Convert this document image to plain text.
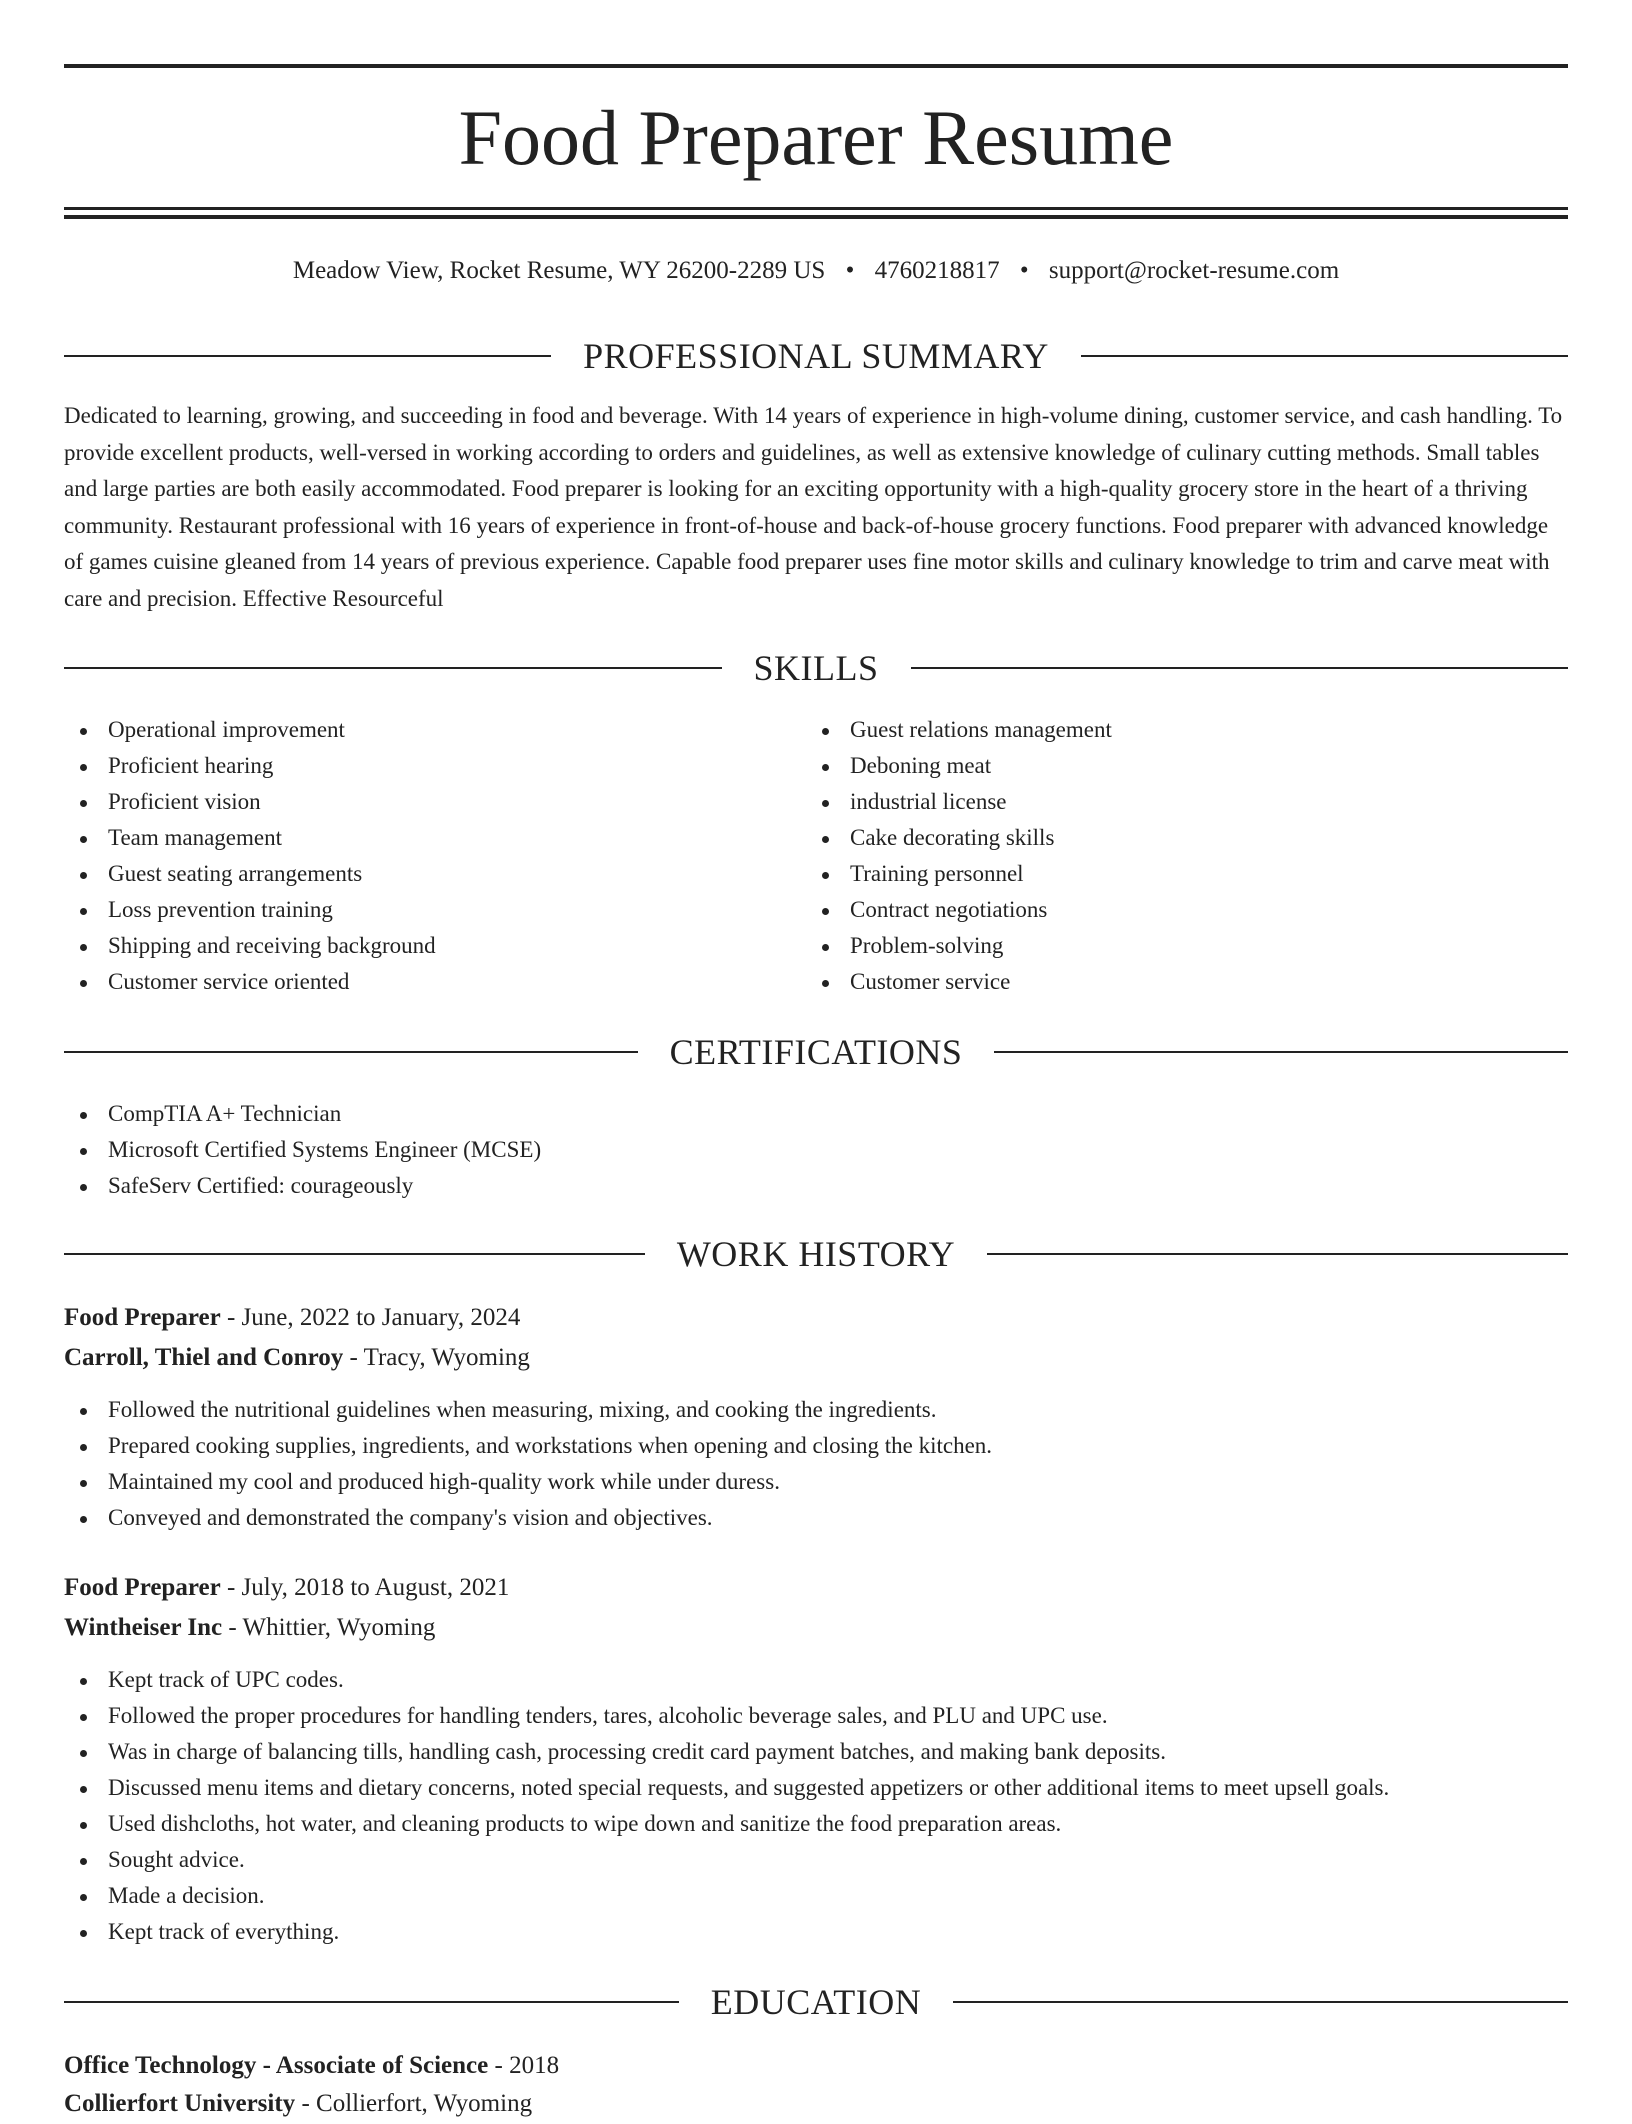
Food Preparer Resume
Meadow View, Rocket Resume, WY 26200-2289 US • 4760218817 • support@rocket-resume.com
PROFESSIONAL SUMMARY

Dedicated to learning, growing, and succeeding in food and beverage. With 14 years of experience in high-volume dining, customer service, and cash handling. To provide excellent products, well-versed in working according to orders and guidelines, as well as extensive knowledge of culinary cutting methods. Small tables and large parties are both easily accommodated. Food preparer is looking for an exciting opportunity with a high-quality grocery store in the heart of a thriving community. Restaurant professional with 16 years of experience in front-of-house and back-of-house grocery functions. Food preparer with advanced knowledge of games cuisine gleaned from 14 years of previous experience. Capable food preparer uses fine motor skills and culinary knowledge to trim and carve meat with care and precision. Effective Resourceful

SKILLS
Operational improvement
Proficient hearing
Proficient vision
Team management
Guest seating arrangements
Loss prevention training
Shipping and receiving background
Customer service oriented
Guest relations management
Deboning meat
industrial license
Cake decorating skills
Training personnel
Contract negotiations
Problem-solving
Customer service
CERTIFICATIONS
CompTIA A+ Technician
Microsoft Certified Systems Engineer (MCSE)
SafeServ Certified: courageously
WORK HISTORY
Food Preparer - June, 2022 to January, 2024
Carroll, Thiel and Conroy - Tracy, Wyoming
Followed the nutritional guidelines when measuring, mixing, and cooking the ingredients.
Prepared cooking supplies, ingredients, and workstations when opening and closing the kitchen.
Maintained my cool and produced high-quality work while under duress.
Conveyed and demonstrated the company's vision and objectives.
Food Preparer - July, 2018 to August, 2021
Wintheiser Inc - Whittier, Wyoming
Kept track of UPC codes.
Followed the proper procedures for handling tenders, tares, alcoholic beverage sales, and PLU and UPC use.
Was in charge of balancing tills, handling cash, processing credit card payment batches, and making bank deposits.
Discussed menu items and dietary concerns, noted special requests, and suggested appetizers or other additional items to meet upsell goals.
Used dishcloths, hot water, and cleaning products to wipe down and sanitize the food preparation areas.
Sought advice.
Made a decision.
Kept track of everything.
EDUCATION
Office Technology - Associate of Science - 2018
Collierfort University - Collierfort, Wyoming
